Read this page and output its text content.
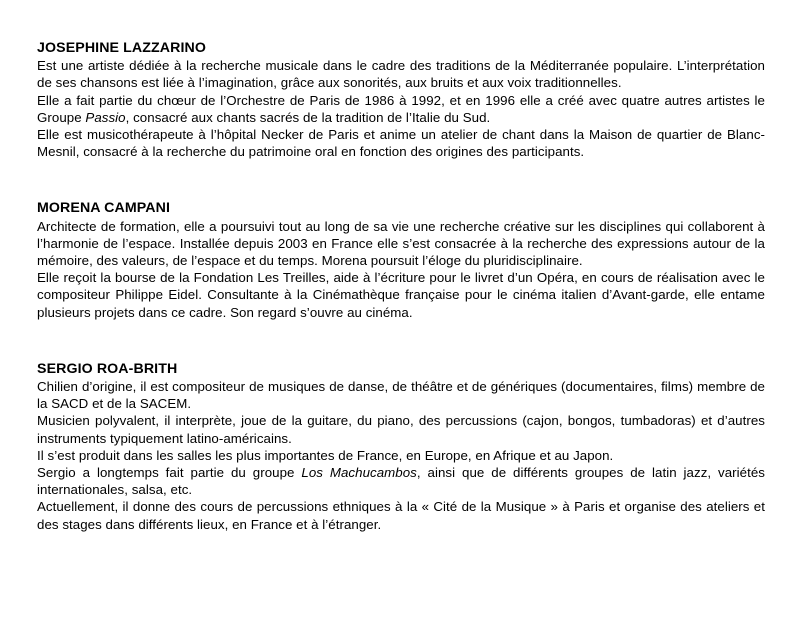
JOSEPHINE LAZZARINO

Est une artiste dédiée à la recherche musicale dans le cadre des traditions de la Méditerranée populaire. L’interprétation de ses chansons est liée à l’imagination, grâce aux sonorités, aux bruits et aux voix traditionnelles.

Elle a fait partie du chœur de l’Orchestre de Paris de 1986 à 1992, et en 1996 elle a créé avec quatre autres artistes le Groupe Passio, consacré aux chants sacrés de la tradition de l’Italie du Sud.

Elle est musicothérapeute à l’hôpital Necker de Paris et anime un atelier de chant dans la Maison de quartier de Blanc-Mesnil, consacré à la recherche du patrimoine oral en fonction des origines des participants.

MORENA CAMPANI

Architecte de formation, elle a poursuivi tout au long de sa vie une recherche créative sur les disciplines qui collaborent à l’harmonie de l’espace. Installée depuis 2003 en France elle s’est consacrée à la recherche des expressions autour de la mémoire, des valeurs, de l’espace et du temps. Morena poursuit l’éloge du pluridisciplinaire.

Elle reçoit la bourse de la Fondation Les Treilles, aide à l’écriture pour le livret d’un Opéra, en cours de réalisation avec le compositeur Philippe Eidel. Consultante à la Cinémathèque française pour le cinéma italien d’Avant-garde, elle entame plusieurs projets dans ce cadre. Son regard s’ouvre au cinéma.

SERGIO ROA-BRITH

Chilien d’origine, il est compositeur de musiques de danse, de théâtre et de génériques (documentaires, films) membre de la SACD et de la SACEM.

Musicien polyvalent, il interprète, joue de la guitare, du piano, des percussions (cajon, bongos, tumbadoras) et d’autres instruments typiquement latino-américains.

Il s’est produit dans les salles les plus importantes de France, en Europe, en Afrique et au Japon.

Sergio a longtemps fait partie du groupe Los Machucambos, ainsi que de différents groupes de latin jazz, variétés internationales, salsa, etc.

Actuellement, il donne des cours de percussions ethniques à la « Cité de la Musique » à Paris et organise des ateliers et des stages dans différents lieux, en France et à l’étranger.
